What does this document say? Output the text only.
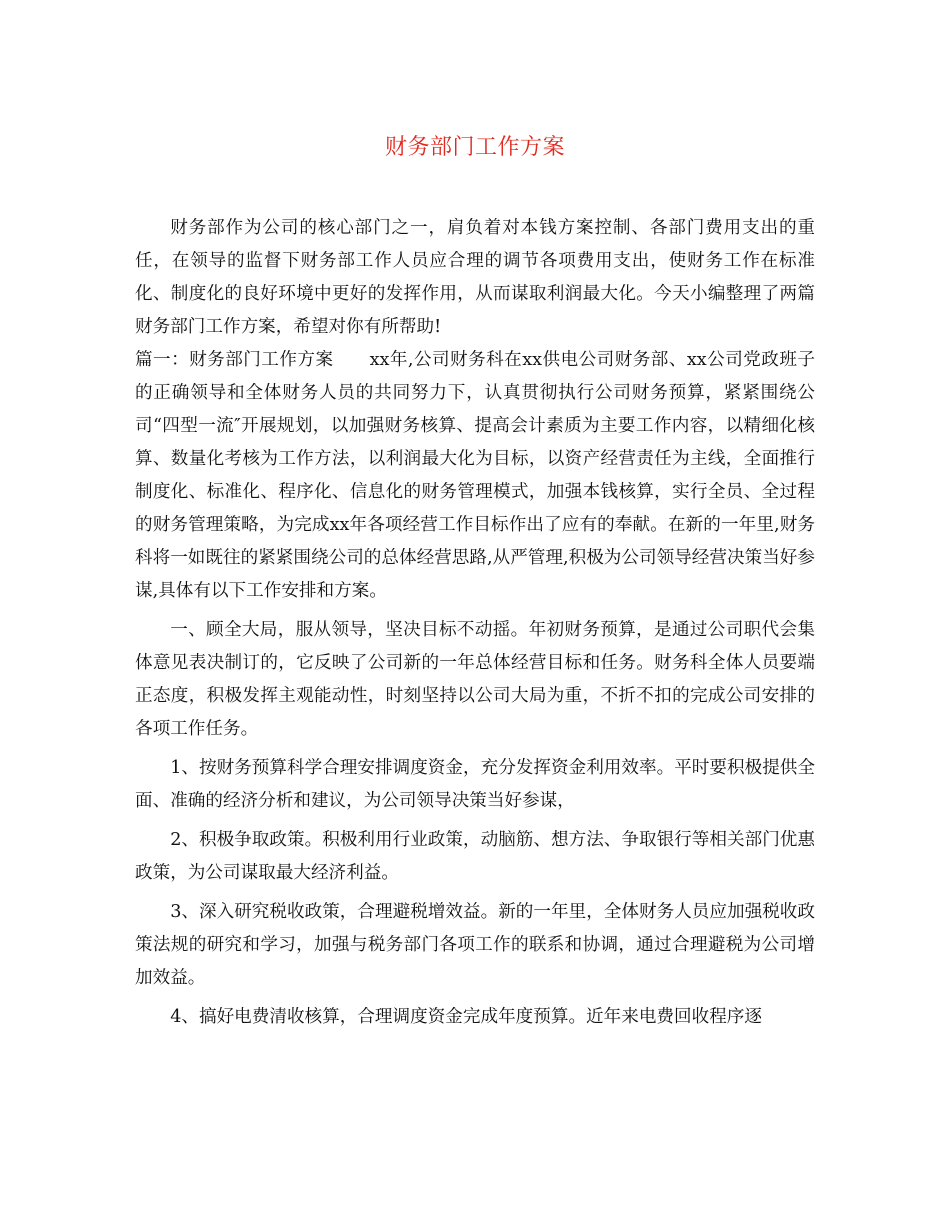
财务部门工作方案

财务部作为公司的核心部门之一，肩负着对本钱方案控制、各部门费用支出的重任，在领导的监督下财务部工作人员应合理的调节各项费用支出，使财务工作在标准化、制度化的良好环境中更好的发挥作用，从而谋取利润最大化。今天小编整理了两篇财务部门工作方案，希望对你有所帮助!

篇一：财务部门工作方案　　xx年,公司财务科在xx供电公司财务部、xx公司党政班子的正确领导和全体财务人员的共同努力下，认真贯彻执行公司财务预算，紧紧围绕公司“四型一流″开展规划，以加强财务核算、提高会计素质为主要工作内容，以精细化核算、数量化考核为工作方法，以利润最大化为目标，以资产经营责任为主线，全面推行制度化、标准化、程序化、信息化的财务管理模式，加强本钱核算，实行全员、全过程的财务管理策略，为完成xx年各项经营工作目标作出了应有的奉献。在新的一年里,财务科将一如既往的紧紧围绕公司的总体经营思路,从严管理,积极为公司领导经营决策当好参谋,具体有以下工作安排和方案。

一、顾全大局，服从领导，坚决目标不动摇。年初财务预算，是通过公司职代会集体意见表决制订的，它反映了公司新的一年总体经营目标和任务。财务科全体人员要端正态度，积极发挥主观能动性，时刻坚持以公司大局为重，不折不扣的完成公司安排的各项工作任务。

1、按财务预算科学合理安排调度资金，充分发挥资金利用效率。平时要积极提供全面、准确的经济分析和建议，为公司领导决策当好参谋，

2、积极争取政策。积极利用行业政策，动脑筋、想方法、争取银行等相关部门优惠政策，为公司谋取最大经济利益。

3、深入研究税收政策，合理避税增效益。新的一年里，全体财务人员应加强税收政策法规的研究和学习，加强与税务部门各项工作的联系和协调，通过合理避税为公司增加效益。

4、搞好电费清收核算，合理调度资金完成年度预算。近年来电费回收程序逐
